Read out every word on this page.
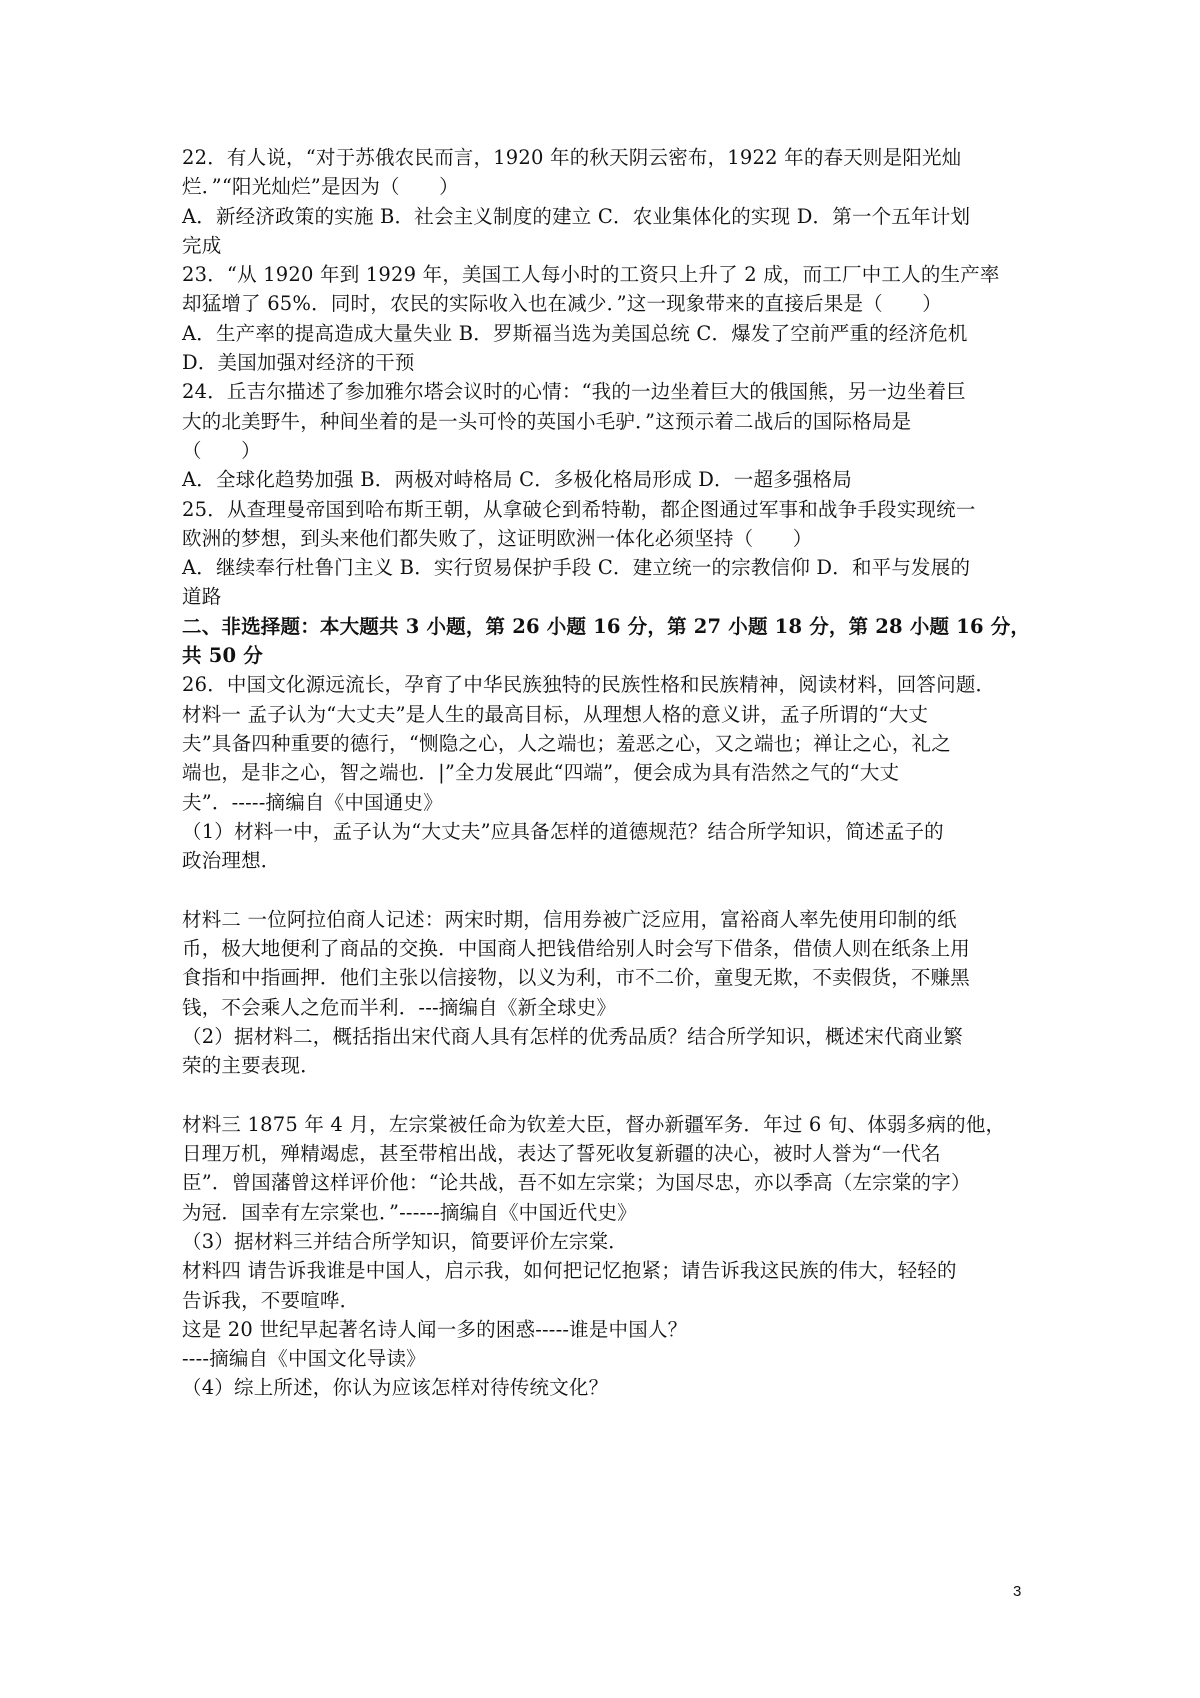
22．有人说，“对于苏俄农民而言，1920 年的秋天阴云密布，1922 年的春天则是阳光灿
烂．”“阳光灿烂”是因为（　　）
A．新经济政策的实施 B．社会主义制度的建立 C．农业集体化的实现 D．第一个五年计划
完成
23．“从 1920 年到 1929 年，美国工人每小时的工资只上升了 2 成，而工厂中工人的生产率
却猛增了 65%．同时，农民的实际收入也在减少．”这一现象带来的直接后果是（　　）
A．生产率的提高造成大量失业 B．罗斯福当选为美国总统 C．爆发了空前严重的经济危机
D．美国加强对经济的干预
24．丘吉尔描述了参加雅尔塔会议时的心情：“我的一边坐着巨大的俄国熊，另一边坐着巨
大的北美野牛，种间坐着的是一头可怜的英国小毛驴．”这预示着二战后的国际格局是
（　　）
A．全球化趋势加强 B．两极对峙格局 C．多极化格局形成 D．一超多强格局
25．从查理曼帝国到哈布斯王朝，从拿破仑到希特勒，都企图通过军事和战争手段实现统一
欧洲的梦想，到头来他们都失败了，这证明欧洲一体化必须坚持（　　）
A．继续奉行杜鲁门主义 B．实行贸易保护手段 C．建立统一的宗教信仰 D．和平与发展的
道路
二、非选择题：本大题共 3 小题，第 26 小题 16 分，第 27 小题 18 分，第 28 小题 16 分，
共 50 分
26．中国文化源远流长，孕育了中华民族独特的民族性格和民族精神，阅读材料，回答问题．
材料一 孟子认为“大丈夫”是人生的最高目标，从理想人格的意义讲，孟子所谓的“大丈
夫”具备四种重要的德行，“恻隐之心，人之端也；羞恶之心，又之端也；禅让之心，礼之
端也，是非之心，智之端也．|”全力发展此“四端”，便会成为具有浩然之气的“大丈
夫”．-----摘编自《中国通史》
（1）材料一中，孟子认为“大丈夫”应具备怎样的道德规范？结合所学知识，简述孟子的
政治理想．
材料二 一位阿拉伯商人记述：两宋时期，信用券被广泛应用，富裕商人率先使用印制的纸
币，极大地便利了商品的交换．中国商人把钱借给别人时会写下借条，借债人则在纸条上用
食指和中指画押．他们主张以信接物，以义为利，市不二价，童叟无欺，不卖假货，不赚黑
钱，不会乘人之危而半利．---摘编自《新全球史》
（2）据材料二，概括指出宋代商人具有怎样的优秀品质？结合所学知识，概述宋代商业繁
荣的主要表现．
材料三 1875 年 4 月，左宗棠被任命为钦差大臣，督办新疆军务．年过 6 旬、体弱多病的他，
日理万机，殚精竭虑，甚至带棺出战，表达了誓死收复新疆的决心，被时人誉为“一代名
臣”．曾国藩曾这样评价他：“论共战，吾不如左宗棠；为国尽忠，亦以季高（左宗棠的字）
为冠．国幸有左宗棠也．”------摘编自《中国近代史》
（3）据材料三并结合所学知识，简要评价左宗棠．
材料四 请告诉我谁是中国人，启示我，如何把记忆抱紧；请告诉我这民族的伟大，轻轻的
告诉我，不要喧哗．
这是 20 世纪早起著名诗人闻一多的困惑-----谁是中国人？
----摘编自《中国文化导读》
（4）综上所述，你认为应该怎样对待传统文化？
3
